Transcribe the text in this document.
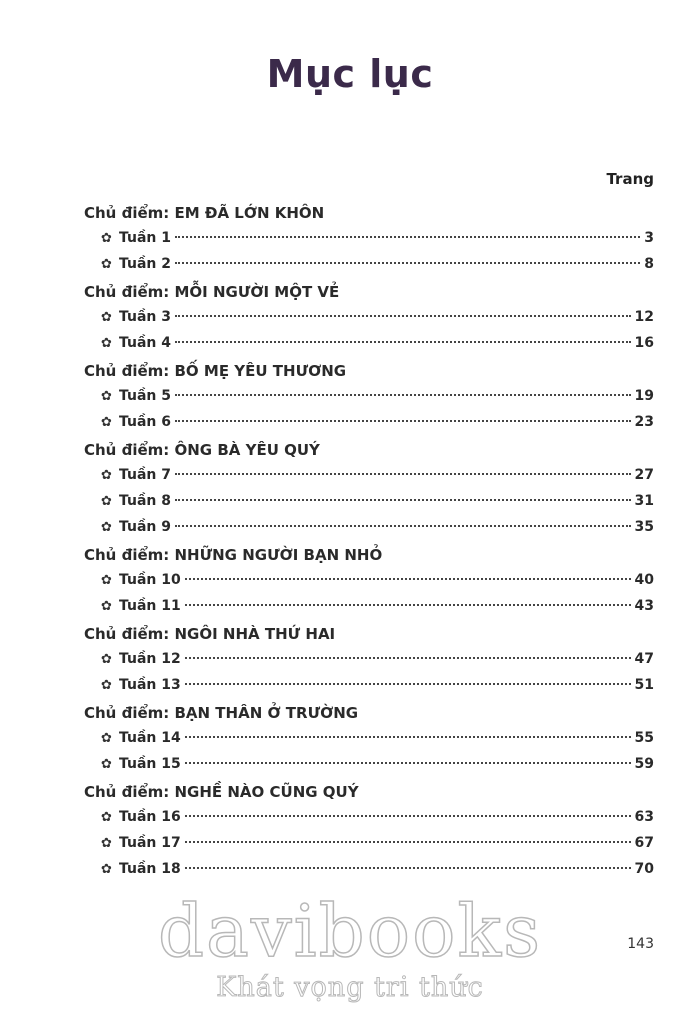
Mục lục
Trang
Chủ điểm: EM ĐÃ LỚN KHÔN
✿ Tuần 1	3
✿ Tuần 2	8
Chủ điểm: MỖI NGƯỜI MỘT VẺ
✿ Tuần 3	12
✿ Tuần 4	16
Chủ điểm: BỐ MẸ YÊU THƯƠNG
✿ Tuần 5	19
✿ Tuần 6	23
Chủ điểm: ÔNG BÀ YÊU QUÝ
✿ Tuần 7	27
✿ Tuần 8	31
✿ Tuần 9	35
Chủ điểm: NHỮNG NGƯỜI BẠN NHỎ
✿ Tuần 10	40
✿ Tuần 11	43
Chủ điểm: NGÔI NHÀ THỨ HAI
✿ Tuần 12	47
✿ Tuần 13	51
Chủ điểm: BẠN THÂN Ở TRƯỜNG
✿ Tuần 14	55
✿ Tuần 15	59
Chủ điểm: NGHỀ NÀO CŨNG QUÝ
✿ Tuần 16	63
✿ Tuần 17	67
✿ Tuần 18	70
143
davibooks
Khát vọng tri thức
